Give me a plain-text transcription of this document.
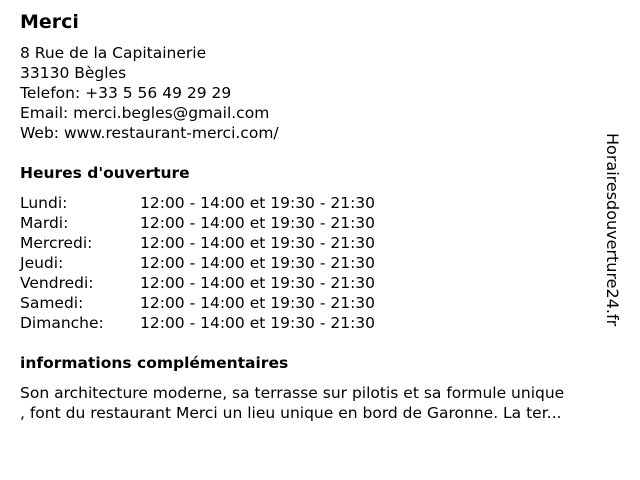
Merci
8 Rue de la Capitainerie
33130 Bègles
Telefon: +33 5 56 49 29 29
Email: merci.begles@gmail.com
Web: www.restaurant-merci.com/
Heures d'ouverture
Lundi:	12:00 - 14:00 et 19:30 - 21:30
Mardi:	12:00 - 14:00 et 19:30 - 21:30
Mercredi:	12:00 - 14:00 et 19:30 - 21:30
Jeudi:	12:00 - 14:00 et 19:30 - 21:30
Vendredi:	12:00 - 14:00 et 19:30 - 21:30
Samedi:	12:00 - 14:00 et 19:30 - 21:30
Dimanche: 12:00 - 14:00 et 19:30 - 21:30
informations complémentaires
Son architecture moderne, sa terrasse sur pilotis et sa formule unique
, font du restaurant Merci un lieu unique en bord de Garonne. La ter...
Horairesdouverture24.fr
